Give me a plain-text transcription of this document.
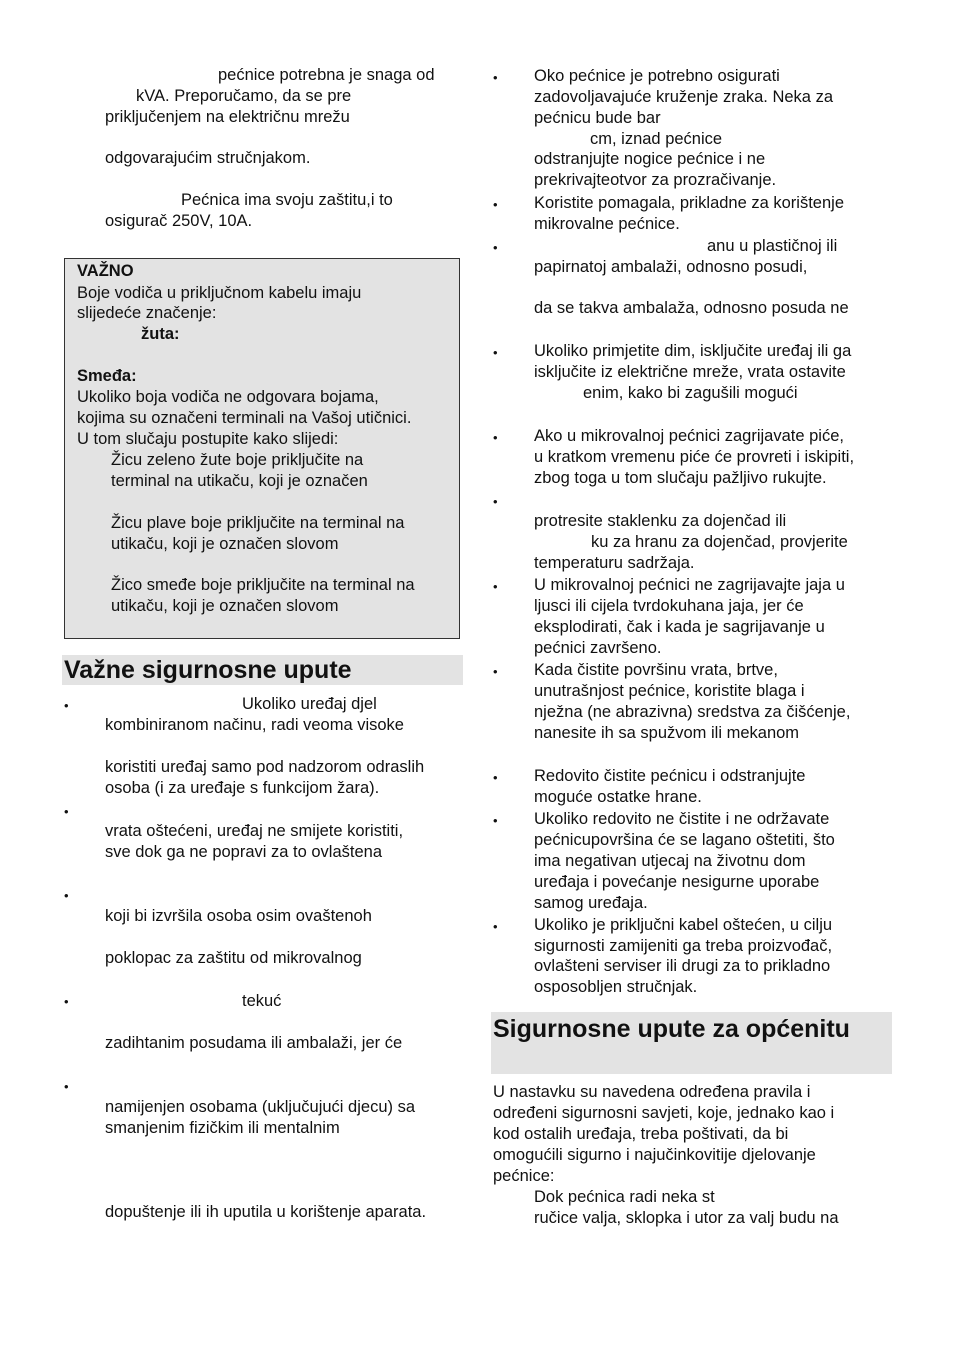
pećnice potrebna je snaga od
kVA. Preporučamo, da se pre
priključenjem na električnu mrežu
odgovarajućim stručnjakom.
Pećnica ima svoju zaštitu,i to
osigurač 250V, 10A.
VAŽNO
Boje vodiča u priključnom kabelu imaju
slijedeće značenje:
žuta:
Smeđa:
Ukoliko boja vodiča ne odgovara bojama,
kojima su označeni terminali na Vašoj utičnici.
U tom slučaju postupite kako slijedi:
Žicu zeleno žute boje priključite na
terminal na utikaču, koji je označen
Žicu plave boje priključite na terminal na
utikaču, koji je označen slovom
Žico smeđe boje priključite na terminal na
utikaču, koji je označen slovom
Važne sigurnosne upute
•	Ukoliko uređaj djel
kombiniranom načinu, radi veoma visoke
koristiti uređaj samo pod nadzorom odraslih
osoba (i za uređaje s funkcijom žara).
•
vrata oštećeni, uređaj ne smijete koristiti,
sve dok ga ne popravi za to ovlaštena
•
koji bi izvršila osoba osim ovaštenoh
poklopac za zaštitu od mikrovalnog
•	tekuć
zadihtanim posudama ili ambalaži, jer će
•
namijenjen osobama (uključujući djecu) sa
smanjenim fizičkim ili mentalnim
dopuštenje ili ih uputila u korištenje aparata.
• Oko pećnice je potrebno osigurati
zadovoljavajuće kruženje zraka. Neka za
pećnicu bude bar
cm, iznad pećnice
odstranjujte nogice pećnice i ne
prekrivajteotvor za prozračivanje.
• Koristite pomagala, prikladne za korištenje
mikrovalne pećnice.
•	anu u plastičnoj ili
papirnatoj ambalaži, odnosno posudi,
da se takva ambalaža, odnosno posuda ne
• Ukoliko primjetite dim, isključite uređaj ili ga
isključite iz električne mreže, vrata ostavite
enim, kako bi zagušili mogući
• Ako u mikrovalnoj pećnici zagrijavate piće,
u kratkom vremenu piće će provreti i iskipiti,
zbog toga u tom slučaju pažljivo rukujte.
•
protresite staklenku za dojenčad ili
ku za hranu za dojenčad, provjerite
temperaturu sadržaja.
• U mikrovalnoj pećnici ne zagrijavajte jaja u
ljusci ili cijela tvrdokuhana jaja, jer će
eksplodirati, čak i kada je sagrijavanje u
pećnici završeno.
• Kada čistite površinu vrata, brtve,
unutrašnjost pećnice, koristite blaga i
nježna (ne abrazivna) sredstva za čišćenje,
nanesite ih sa spužvom ili mekanom
• Redovito čistite pećnicu i odstranjujte
moguće ostatke hrane.
• Ukoliko redovito ne čistite i ne održavate
pećnicupovršina će se lagano oštetiti, što
ima negativan utjecaj na životnu dom
uređaja i povećanje nesigurne uporabe
samog uređaja.
• Ukoliko je priključni kabel oštećen, u cilju
sigurnosti zamijeniti ga treba proizvođač,
ovlašteni serviser ili drugi za to prikladno
osposobljen stručnjak.
Sigurnosne upute za općenitu
U nastavku su navedena određena pravila i
određeni sigurnosni savjeti, koje, jednako kao i
kod ostalih uređaja, treba poštivati, da bi
omogućili sigurno i najučinkovitije djelovanje
pećnice:
Dok pećnica radi neka st
ručice valja, sklopka i utor za valj budu na
